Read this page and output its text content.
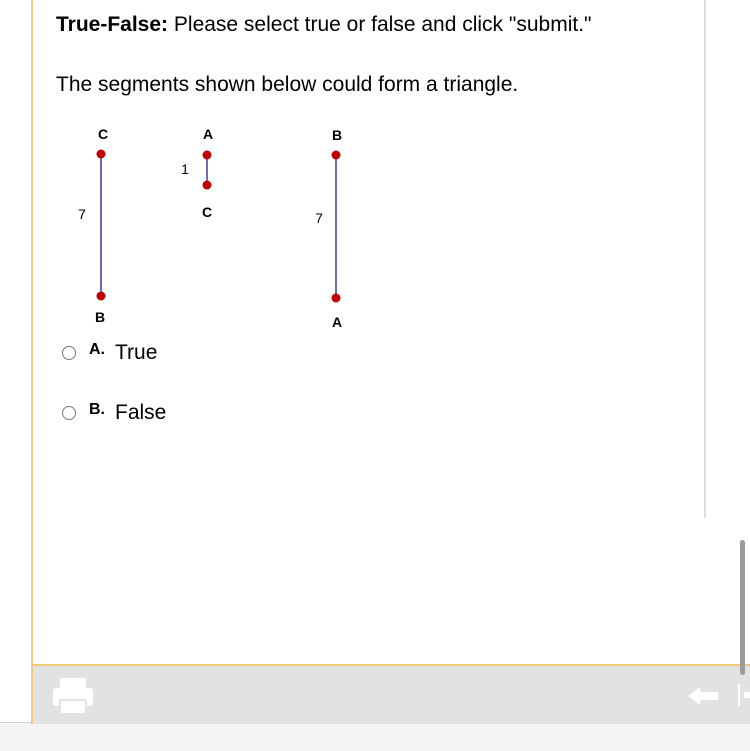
True-False: Please select true or false and click "submit."
The segments shown below could form a triangle.
C
B
7
A
C
1
B
A
7
A. True
B. False
